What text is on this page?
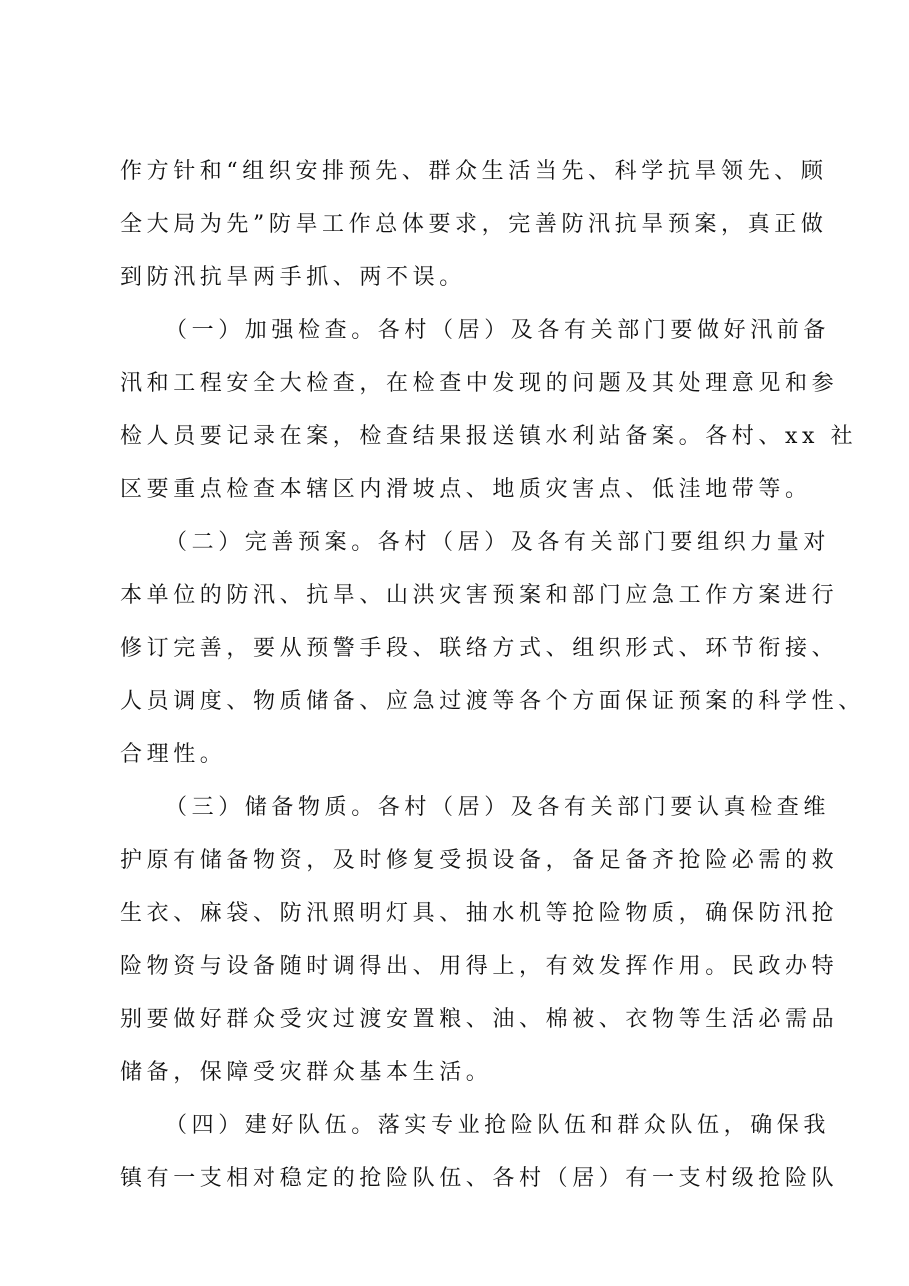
作方针和“组织安排预先、群众生活当先、科学抗旱领先、顾
全大局为先”防旱工作总体要求，完善防汛抗旱预案，真正做
到防汛抗旱两手抓、两不误。
（一）加强检查。各村（居）及各有关部门要做好汛前备
汛和工程安全大检查，在检查中发现的问题及其处理意见和参
检人员要记录在案，检查结果报送镇水利站备案。各村、xx 社
区要重点检查本辖区内滑坡点、地质灾害点、低洼地带等。
（二）完善预案。各村（居）及各有关部门要组织力量对
本单位的防汛、抗旱、山洪灾害预案和部门应急工作方案进行
修订完善，要从预警手段、联络方式、组织形式、环节衔接、
人员调度、物质储备、应急过渡等各个方面保证预案的科学性、
合理性。
（三）储备物质。各村（居）及各有关部门要认真检查维
护原有储备物资，及时修复受损设备，备足备齐抢险必需的救
生衣、麻袋、防汛照明灯具、抽水机等抢险物质，确保防汛抢
险物资与设备随时调得出、用得上，有效发挥作用。民政办特
别要做好群众受灾过渡安置粮、油、棉被、衣物等生活必需品
储备，保障受灾群众基本生活。
（四）建好队伍。落实专业抢险队伍和群众队伍，确保我
镇有一支相对稳定的抢险队伍、各村（居）有一支村级抢险队
